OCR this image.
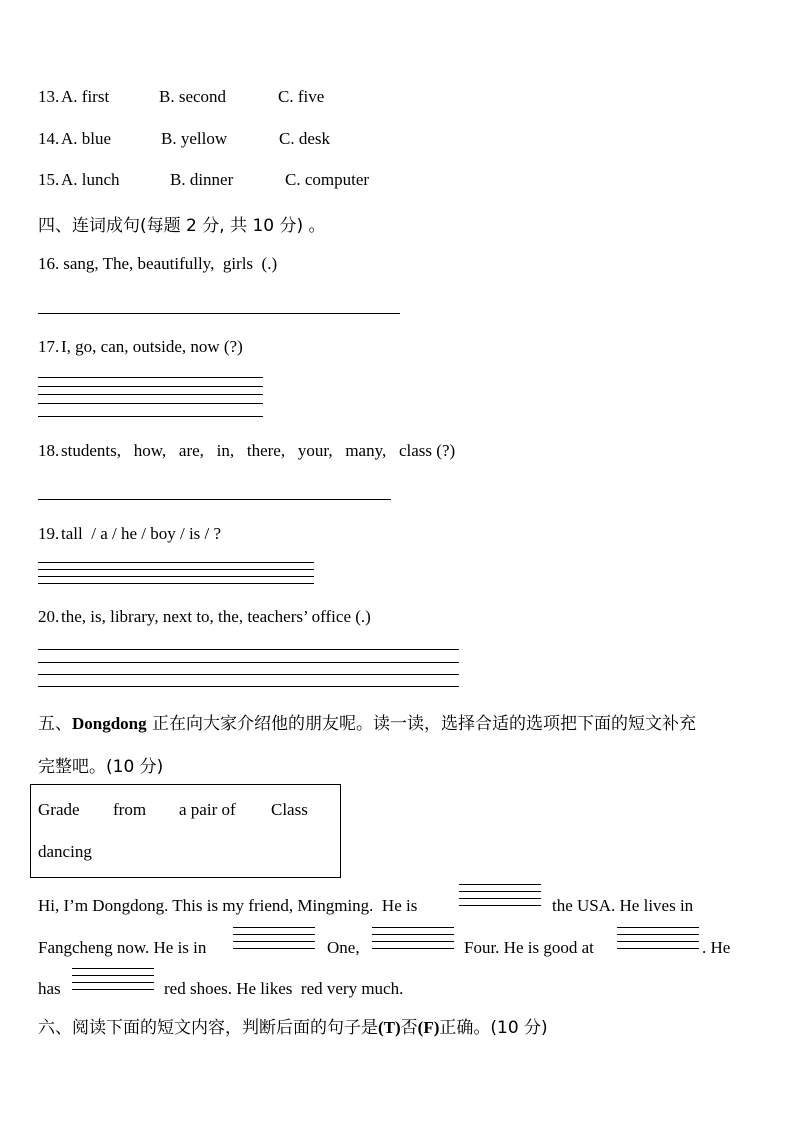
13. A. first	B. second	C. five
14. A. blue	B. yellow	C. desk
15. A. lunch	B. dinner	C. computer
四、连词成句(每题 2 分, 共 10 分) 。
16. sang, The, beautifully,  girls  (.)
17. I, go, can, outside, now (?)
18. students,   how,   are,   in,   there,   your,   many,   class (?)
19. tall  / a / he / boy / is / ?
20. the, is, library, next to, the, teachers’ office (.)
五、Dongdong 正在向大家介绍他的朋友呢。读一读，选择合适的选项把下面的短文补充
完整吧。(10 分)
Grade from a pair of Class
dancing
Hi, I’m Dongdong. This is my friend, Mingming.  He is	the USA. He lives in
Fangcheng now. He is in	One,	Four. He is good at	. He
has	red shoes. He likes  red very much.
六、阅读下面的短文内容，判断后面的句子是(T)否(F)正确。(10 分)
